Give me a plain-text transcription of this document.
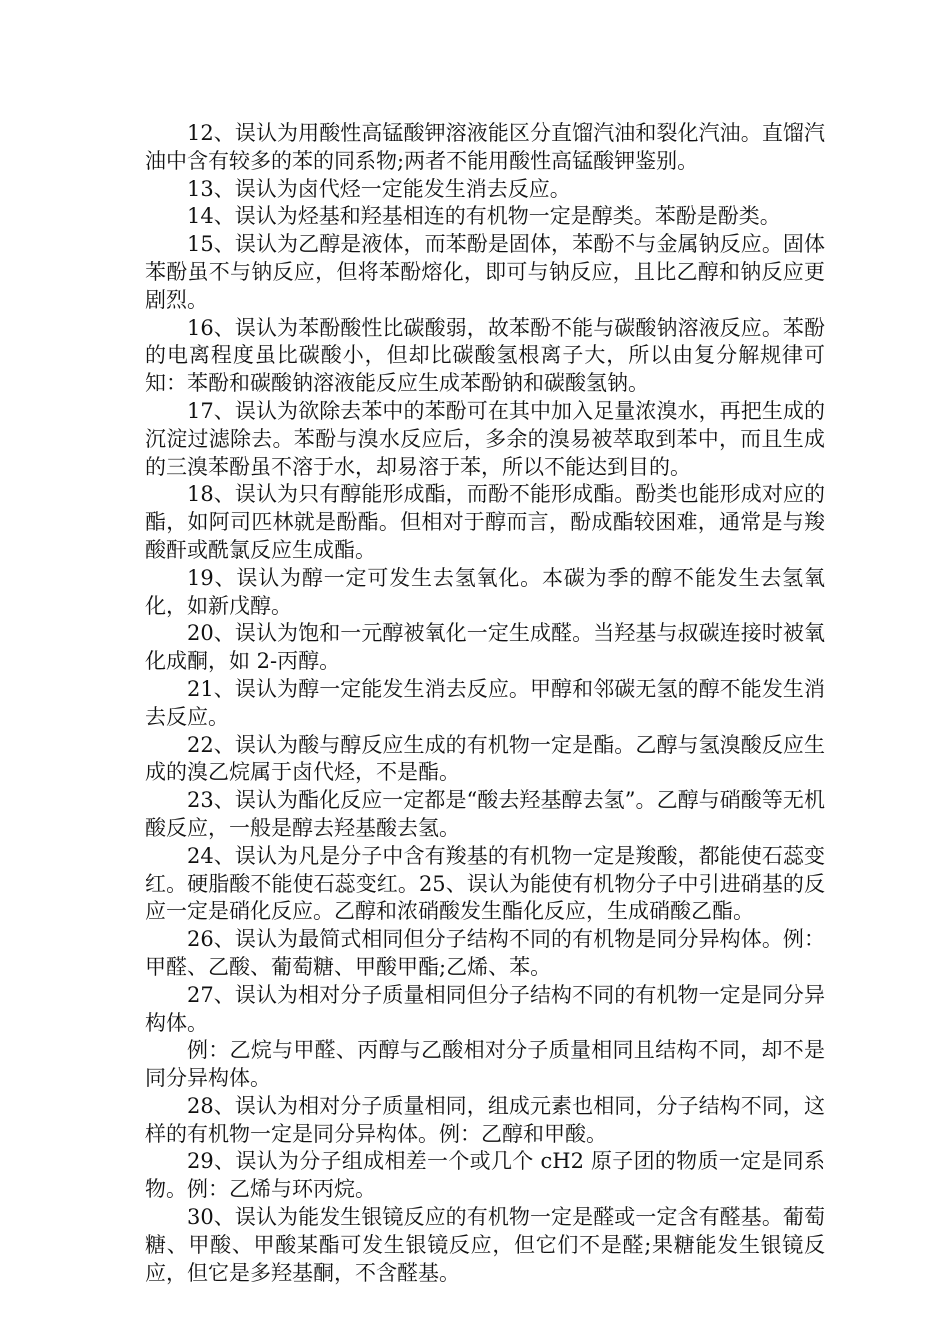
12、误认为用酸性高锰酸钾溶液能区分直馏汽油和裂化汽油。直馏汽油中含有较多的苯的同系物;两者不能用酸性高锰酸钾鉴别。

13、误认为卤代烃一定能发生消去反应。

14、误认为烃基和羟基相连的有机物一定是醇类。苯酚是酚类。

15、误认为乙醇是液体，而苯酚是固体，苯酚不与金属钠反应。固体苯酚虽不与钠反应，但将苯酚熔化，即可与钠反应，且比乙醇和钠反应更剧烈。

16、误认为苯酚酸性比碳酸弱，故苯酚不能与碳酸钠溶液反应。苯酚的电离程度虽比碳酸小，但却比碳酸氢根离子大，所以由复分解规律可知：苯酚和碳酸钠溶液能反应生成苯酚钠和碳酸氢钠。

17、误认为欲除去苯中的苯酚可在其中加入足量浓溴水，再把生成的沉淀过滤除去。苯酚与溴水反应后，多余的溴易被萃取到苯中，而且生成的三溴苯酚虽不溶于水，却易溶于苯，所以不能达到目的。

18、误认为只有醇能形成酯，而酚不能形成酯。酚类也能形成对应的酯，如阿司匹林就是酚酯。但相对于醇而言，酚成酯较困难，通常是与羧酸酐或酰氯反应生成酯。

19、误认为醇一定可发生去氢氧化。本碳为季的醇不能发生去氢氧化，如新戊醇。

20、误认为饱和一元醇被氧化一定生成醛。当羟基与叔碳连接时被氧化成酮，如 2-丙醇。

21、误认为醇一定能发生消去反应。甲醇和邻碳无氢的醇不能发生消去反应。

22、误认为酸与醇反应生成的有机物一定是酯。乙醇与氢溴酸反应生成的溴乙烷属于卤代烃，不是酯。

23、误认为酯化反应一定都是“酸去羟基醇去氢”。乙醇与硝酸等无机酸反应，一般是醇去羟基酸去氢。

24、误认为凡是分子中含有羧基的有机物一定是羧酸，都能使石蕊变红。硬脂酸不能使石蕊变红。25、误认为能使有机物分子中引进硝基的反应一定是硝化反应。乙醇和浓硝酸发生酯化反应，生成硝酸乙酯。

26、误认为最简式相同但分子结构不同的有机物是同分异构体。例：甲醛、乙酸、葡萄糖、甲酸甲酯;乙烯、苯。

27、误认为相对分子质量相同但分子结构不同的有机物一定是同分异构体。

例：乙烷与甲醛、丙醇与乙酸相对分子质量相同且结构不同，却不是同分异构体。

28、误认为相对分子质量相同，组成元素也相同，分子结构不同，这样的有机物一定是同分异构体。例：乙醇和甲酸。

29、误认为分子组成相差一个或几个 cH2 原子团的物质一定是同系物。例：乙烯与环丙烷。

30、误认为能发生银镜反应的有机物一定是醛或一定含有醛基。葡萄糖、甲酸、甲酸某酯可发生银镜反应，但它们不是醛;果糖能发生银镜反应，但它是多羟基酮，不含醛基。
